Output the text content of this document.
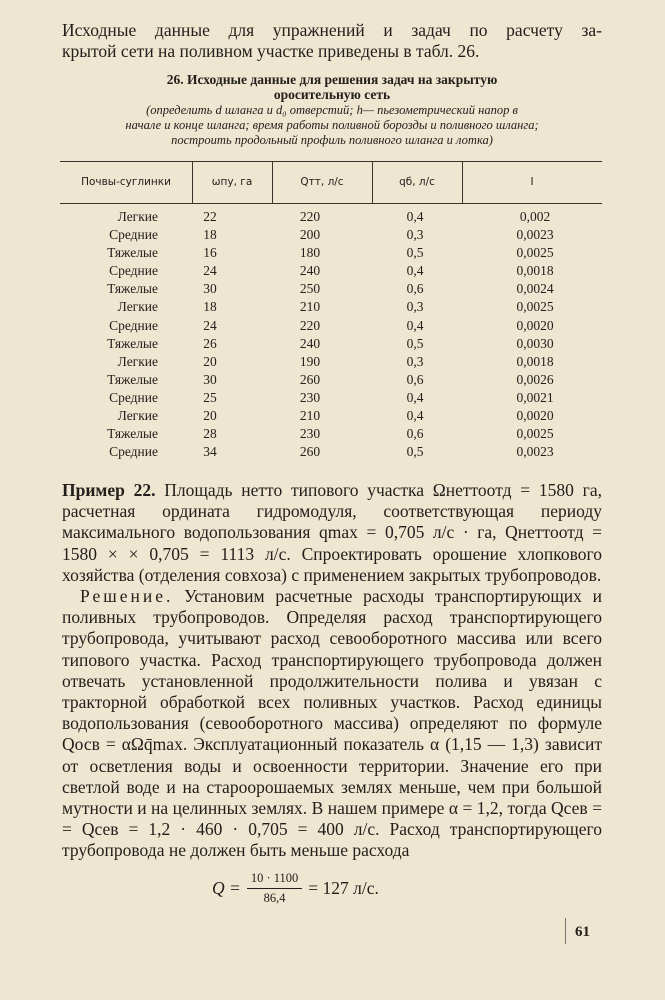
Исходные данные для упражнений и задач по расчету за-
крытой сети на поливном участке приведены в табл. 26.
26. Исходные данные для решения задач на закрытую
оросительную сеть
(определить d шланга и d₀ отверстий; h— пьезометрический напор в
начале и конце шланга; время работы поливной борозды и поливного шланга;
построить продольный профиль поливного шланга и лотка)
Почвы-суглинки	ωпу, га	Qтт, л/с	qб, л/с	I
Легкие	22	220	0,4	0,002
Средние	18	200	0,3	0,0023
Тяжелые	16	180	0,5	0,0025
Средние	24	240	0,4	0,0018
Тяжелые	30	250	0,6	0,0024
Легкие	18	210	0,3	0,0025
Средние	24	220	0,4	0,0020
Тяжелые	26	240	0,5	0,0030
Легкие	20	190	0,3	0,0018
Тяжелые	30	260	0,6	0,0026
Средние	25	230	0,4	0,0021
Легкие	20	210	0,4	0,0020
Тяжелые	28	230	0,6	0,0025
Средние	34	260	0,5	0,0023

Пример 22. Площадь нетто типового участка Ωнеттоотд = 1580 га, расчетная ордината гидромодуля, соответствующая периоду максимального водопользования qmax = 0,705 л/с · га, Qнеттоотд = 1580 × × 0,705 = 1113 л/с. Спроектировать орошение хлопкового хозяйства (отделения совхоза) с применением закрытых трубопроводов.

Решение. Установим расчетные расходы транспортирующих и поливных трубопроводов. Определяя расход транспортирующего трубопровода, учитывают расход севооборотного массива или всего типового участка. Расход транспортирующего трубопровода должен отвечать установленной продолжительности полива и увязан с тракторной обработкой всех поливных участков. Расход единицы водопользования (севооборотного массива) определяют по формуле Qосв = αΩq̄max. Эксплуатационный показатель α (1,15 — 1,3) зависит от осветления воды и освоенности территории. Значение его при светлой воде и на староорошаемых землях меньше, чем при большой мутности и на целинных землях. В нашем примере α = 1,2, тогда Qсев = = Qсев = 1,2 · 460 · 0,705 = 400 л/с. Расход транспортирующего трубопровода не должен быть меньше расхода

$Q = \frac{10 \cdot 1100}{86,4} = 127$ л/с.
61
